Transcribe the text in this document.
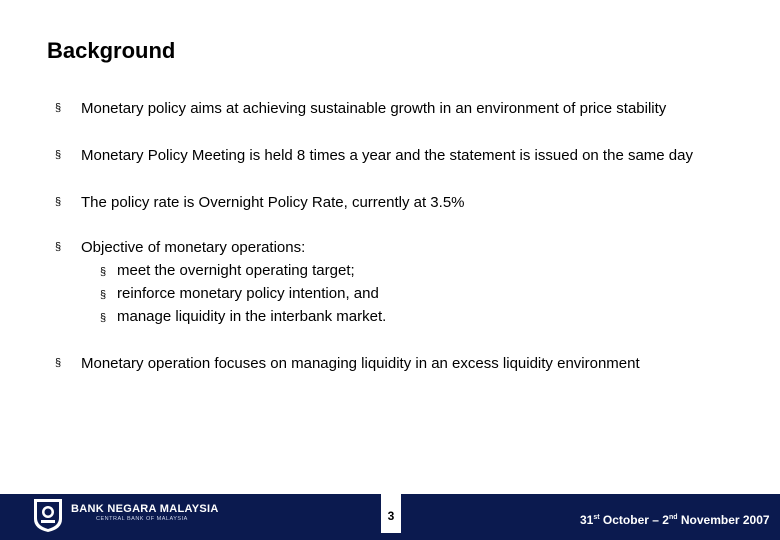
Background
§	Monetary policy aims at achieving sustainable growth in an environment of price stability
§	Monetary Policy Meeting is held 8 times a year and the statement is issued on the same day
§	The policy rate is Overnight Policy Rate, currently at 3.5%
§	Objective of monetary operations:
§ meet the overnight operating target;
§ reinforce monetary policy intention, and
§ manage liquidity in the interbank market.
§	Monetary operation focuses on managing liquidity in an excess liquidity environment
BANK NEGARA MALAYSIA
CENTRAL BANK OF MALAYSIA	3	31st October – 2nd November 2007
